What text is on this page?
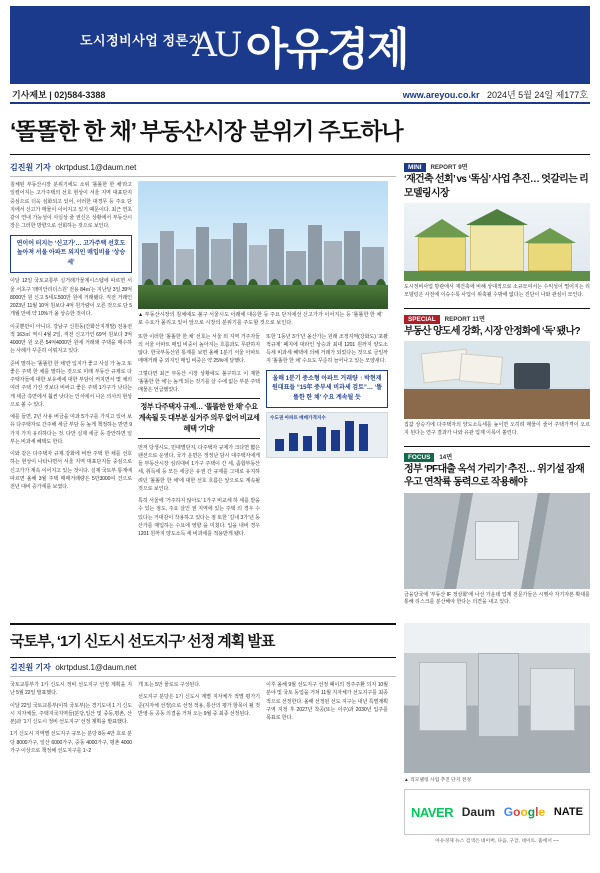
도시정비사업 정론지
AU 아유경제
기사제보 | 02)584-3388	www.areyou.co.kr 2024년 5월 24일 제177호
‘똘똘한 한 채’ 부동산시장 분위기 주도하나
김진원 기자 okrtpdust.1@daum.net

침체된 부동산시장 분위기에도 소위 ‘똘똘한 한 채’라고 일컬어지는 고가주택의 선호 현상이 서울 지역 대표단지 중심으로 더욱 심화되고 있어, 이러한 대경무 등 주요 단지에서 신고가 매물이 이어지고 있기 때문이다. 최근 연초 같이 연내 가능성이 사실상 줄 권신은 상황에서 부동산시장은 그러한 방향으로 선회하는 것으로 보인다.

연이어 터지는 ‘신고가’… 고가주택 선호도 높아져 서울 아파트 외지인 매입비율 ‘상승세’

이달 12일 국토교통부 실거래가물계시스템에 따르면 서울 서초구 ‘래미안리더스원’ 전용 84㎡는 지난달 3일 39억8000만 원 신고 5세도500만 원에 거래됐다. 직전 거래인 2023년 11월 10억 원보다 4억 원가량이 오른 것으로 단 5개월 만에 약 10%가 올 상승한 것이다.

이곳뿐만이 아니다. 강남구 신원동(간화산지개발) 전용전적 163㎡ 역시 4월 2일, 직전 신고가인 69억 원보다 3억4000만 원 오른 54억4000만 원에 거래돼 주택을 매수하는 사례가 꾸준히 이뤄지고 있다.

준비 말하는 ‘똘똘한 한 채’란 입지가 좋고 사실 가 높고 또 좋은 주택 한 채를 말하는 것으로 미래 부동산 규제로 다주택자들에 대한 보유세에 대한 부담이 커지면서 몇 채의 여러 주택 가진 것보다 비싸고 좋은 주택 1가구가 낫다는 게 세금 측면에서 훨씬 낫다는 인식에서 나온 의사의 현상으로 볼 수 있다.

예를 들면, 2년 사용 버금을 여과 5가구를 가지고 있어 보유 다주택자로 간주해 세금 부담 등 높게 책정하는 반면 9가지 가지 유리하다는 것. 다만 실제 세금 등 감안하면 일부는 비과세 혜택도 한다.

이와 같은 다주택자 규제 강화에 비싼 주택 한 채를 선호하는 현상이 나타나면서 서울 지역 대표단지들 중심으로 신고가가 계속 이어지고 있는 것이다. 실제 국토부 통계에 따르면 올해 3월 주택 매매거래량은 5만3000여 건으로 전년 대비 증가세를 보였다.

▲ 부동산시장의 침체에도 불구 서울시도 이래에 대응한 등 주요 단지에선 신고가가 이어지는 등 ‘똘똘한 한 채’ 로 수요가 몰리고 있어 앞으로 시장의 분위기를 주도할 것으로 보인다.

또한 이러한 ‘똘똘한 한 채’ 선호는 서울 외 지역 거주자들의 서울 아파트 매입 비중이 높아지는 흐름과도 무관하지 않다. 한국부동산원 통계를 보면 올해 1분기 서울 아파트 매매거래 중 외지인 매입 비중은 약 25%에 달했다.

그렇다면 최근 부동산 시장 상황에도 불구하고 이 제한 ‘똘똘한 한 채’는 높게 되는 것기를 살 수에 없는 부분 주택 매물은 언급했었다.

정부 다주택자 규제… ‘똘똘한 한 채’ 수요 계속될 듯 대부분 실거주 의무 없어 비교세 혜택 ‘기대’

먼저 당생시도, 민대별단지, 다주택자 규제가 크다면 짧은 팬션으로 운영다, 국가 운면은 정정난 담시 대주택자에게들 부동산시장 심리대비 1가구 주택이 간 세, 좀합부동산세, 취득세 등 모든 세금은 유권 간 규제를 그대로 유지하려던 ‘똘똘한 한 채’에 대한 선호 흐름은 앞으로도 계속될 것으로 보인다.

특히 서울에 ‘거주하지 않아도’ 1가구 비교세 하 세를 받을 수 있는 점도, 주요 살인 권 지역에 있는 주택 의 경우 수 있다는 거대감이 작용하고 있다는 점 또한 ‘길내 3가’년 동산가를 매입하는 수요에 영향 을 미쳤다. 입을 내비 경우 1201 원까지 양도소득 세 비과세를 적용받게 됐다.

또한 ‘1동년 3가’년 올산가는 원래 조정지역(강화도) ‘포괄적규제’ 폐지에 대라인 상승과 최대 1201 원까지 양도소득세 비과세 혜택에 의해 거래가 되었다는 것으로 금일까지 ‘똘똘한 한 채’ 수요도 꾸준히 늘어나고 있는 모양새다.

올해 1분기 중소형 아파트 거래량 ↑ 박현재 원대표들 “15年 중부세 비과세 검토”… ‘똘똘한 한 채’ 수요 계속될 듯
수도권 아파트 매매가격지수

MINI REPORT 9면
‘재건축 선회’ vs ‘똑심’ 사업 추진… 엇갈리는 리모델링시장
도시정비사업 방관에서 재건축에 비해 상대적으로 소규모여서는 수익성이 떨어지는 리모델링은 사전에 이슈수록 사업이 위축될 수밖에 없다는 진단이 나와 관심이 모인다.
SPECIAL REPORT 11면
부동산 양도세 강화, 시장 안정화에 ‘독’ 됐나?
집값 상승기에 다주택자의 양도소득세를 높이면 오히려 매물이 줄어 주택가격이 오르지 된다는 연구 결과가 나와 유관 업계 이목이 쏠린다.
FOCUS 14면
정부 ‘PF대출 옥석 가리기’ 추진… 위기설 잠재우고 연착륙 동력으로 작용해야
금융당국에 ‘부동산 IF 정상화’에 나선 가운데 업계 전문가들은 시행사 자기자본 확대를 통해 리스크를 분산해야 한다는 의견을 내고 있다.
국토부, ‘1기 신도시 선도지구’ 선정 계획 발표
김진원 기자 okrtpdust.1@daum.net

국토교통부가 1기 신도시 정비 선도지구 선정 계획을 지난 5월 22일 발표했다.

이달 22일 국토교통부(이하 국토부)는 경기도내 1 기 신도시 지자체들, 주택지국지역들(분당,일산 및 중동,평촌, 산본)과 ‘1기 신도시 정비 선도지구’ 선정 계획을 발표했다.

1기 신도시 지역별 선도지구 규모는 분당 8등 4만 호로 분당 8000가구, 일산 6000가구, 중동 4000가구, 평촌 4000가구 이상으로 책정해 선도지구를 1~2

개 또는 5만 물로로 구성된다.

선도지구 분당은 1기 신도시 계별 지자체가 적별 평가기준(지자체 선정)으로 선정 적용, 통산의 평가 항목이 될 것 반영 등 공동 의결을 거쳐 오는 9월 중 최종 선정된다.

이후 올해 9월 선도지구 선정 패이의 정주주환 의지 10월 분야 및 국토 동업을 거쳐 11월 지자체가 선도지구를 최종적으로 선정한다. 올해 선정된 선도 지구는 내년 특별계획구역 지정 후 2027년 착공(또는 이주)과 2030년 입주를 목표로 한다.

▲ 리모델링 사업 추진 단지 전경
NAVER Daum Google NATE
아유경제 뉴스 검색은 네이버, 다음, 구글, 네이트, 줌에서 ~~
